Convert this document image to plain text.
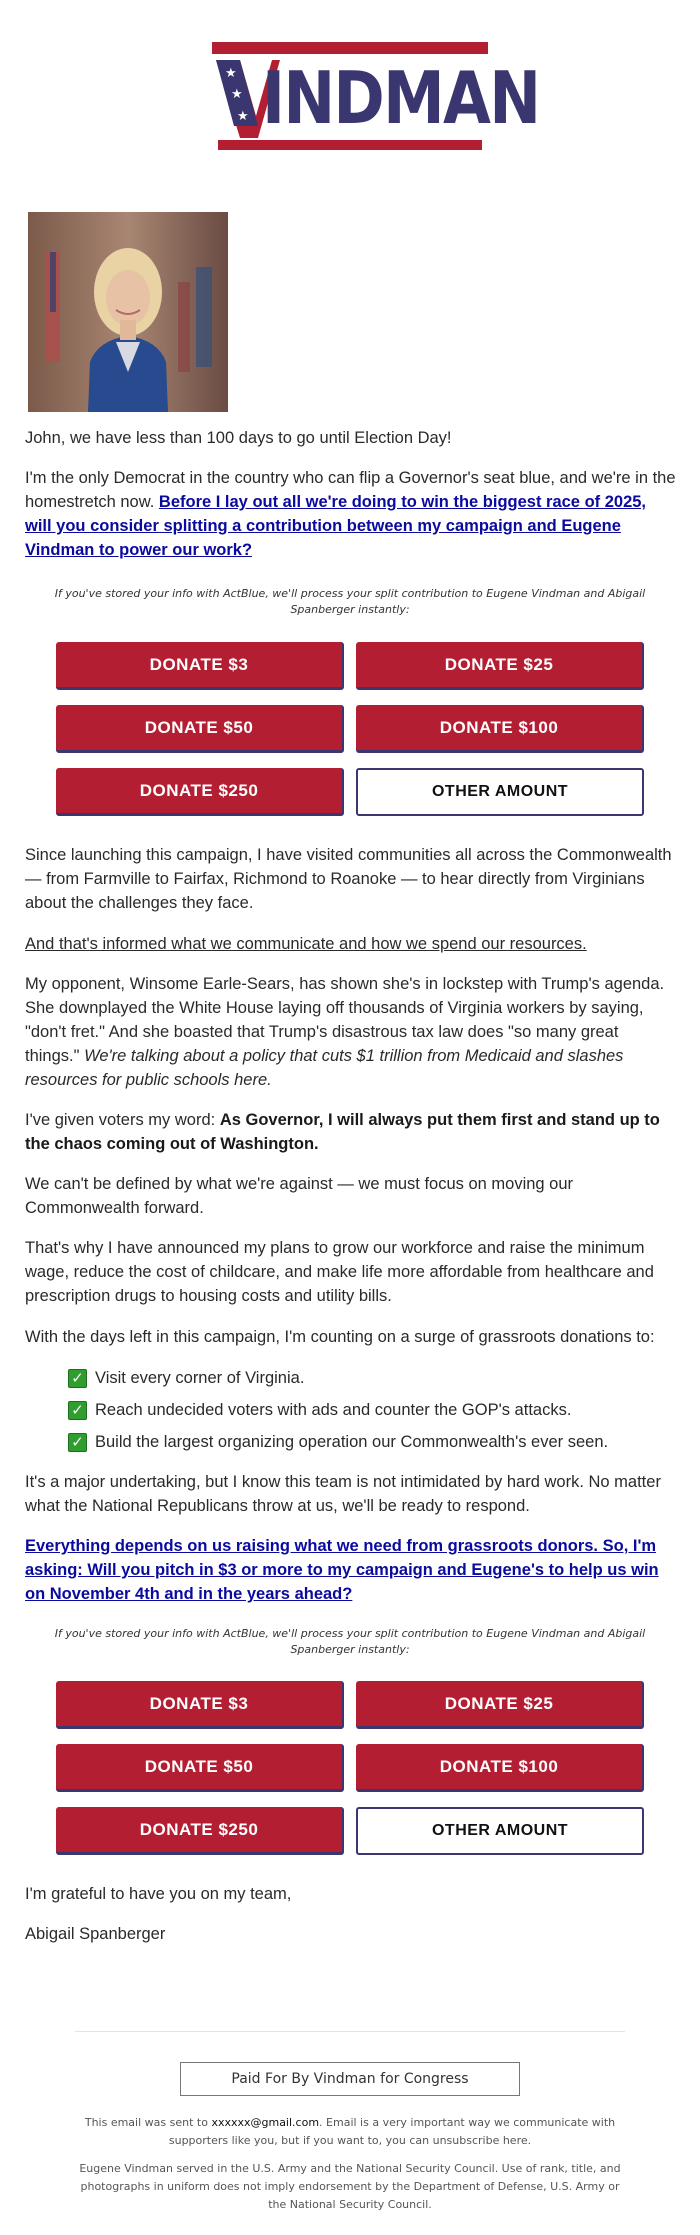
★
★
★ INDMAN

John, we have less than 100 days to go until Election Day!

I'm the only Democrat in the country who can flip a Governor's seat blue, and we're in the homestretch now. Before I lay out all we're doing to win the biggest race of 2025, will you consider splitting a contribution between my campaign and Eugene Vindman to power our work?

If you've stored your info with ActBlue, we'll process your split contribution to Eugene Vindman and Abigail Spanberger instantly:
DONATE $3	DONATE $25
DONATE $50	DONATE $100
DONATE $250	OTHER AMOUNT

Since launching this campaign, I have visited communities all across the Commonwealth — from Farmville to Fairfax, Richmond to Roanoke — to hear directly from Virginians about the challenges they face.

And that's informed what we communicate and how we spend our resources.

My opponent, Winsome Earle-Sears, has shown she's in lockstep with Trump's agenda. She downplayed the White House laying off thousands of Virginia workers by saying, "don't fret." And she boasted that Trump's disastrous tax law does "so many great things." We're talking about a policy that cuts $1 trillion from Medicaid and slashes resources for public schools here.

I've given voters my word: As Governor, I will always put them first and stand up to the chaos coming out of Washington.

We can't be defined by what we're against — we must focus on moving our Commonwealth forward.

That's why I have announced my plans to grow our workforce and raise the minimum wage, reduce the cost of childcare, and make life more affordable from healthcare and prescription drugs to housing costs and utility bills.

With the days left in this campaign, I'm counting on a surge of grassroots donations to:

✓ Visit every corner of Virginia.
✓ Reach undecided voters with ads and counter the GOP's attacks.
✓ Build the largest organizing operation our Commonwealth's ever seen.

It's a major undertaking, but I know this team is not intimidated by hard work. No matter what the National Republicans throw at us, we'll be ready to respond.

Everything depends on us raising what we need from grassroots donors. So, I'm asking: Will you pitch in $3 or more to my campaign and Eugene's to help us win on November 4th and in the years ahead?

If you've stored your info with ActBlue, we'll process your split contribution to Eugene Vindman and Abigail Spanberger instantly:
DONATE $3	DONATE $25
DONATE $50	DONATE $100
DONATE $250	OTHER AMOUNT

I'm grateful to have you on my team,

Abigail Spanberger

Paid For By Vindman for Congress
This email was sent to xxxxxx@gmail.com. Email is a very important way we communicate with supporters like you, but if you want to, you can unsubscribe here.
Eugene Vindman served in the U.S. Army and the National Security Council. Use of rank, title, and photographs in uniform does not imply endorsement by the Department of Defense, U.S. Army or the National Security Council.
